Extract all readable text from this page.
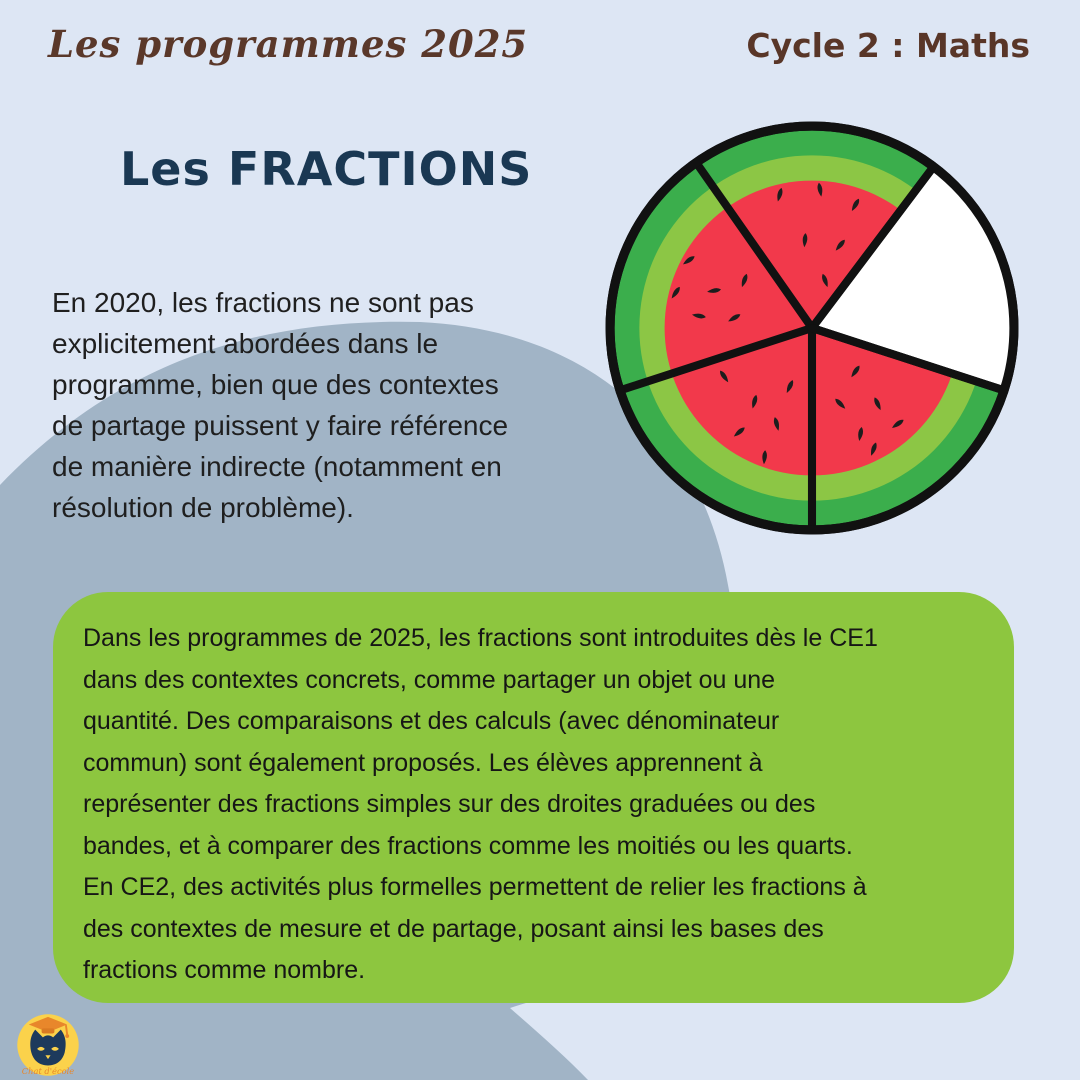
Les programmes 2025	Cycle 2 : Maths
Les FRACTIONS
En 2020, les fractions ne sont pas
explicitement abordées dans le
programme, bien que des contextes
de partage puissent y faire référence
de manière indirecte (notamment en
résolution de problème).
Dans les programmes de 2025, les fractions sont introduites dès le CE1
dans des contextes concrets, comme partager un objet ou une
quantité. Des comparaisons et des calculs (avec dénominateur
commun) sont également proposés. Les élèves apprennent à
représenter des fractions simples sur des droites graduées ou des
bandes, et à comparer des fractions comme les moitiés ou les quarts.
En CE2, des activités plus formelles permettent de relier les fractions à
des contextes de mesure et de partage, posant ainsi les bases des
fractions comme nombre.
Chat d'école
